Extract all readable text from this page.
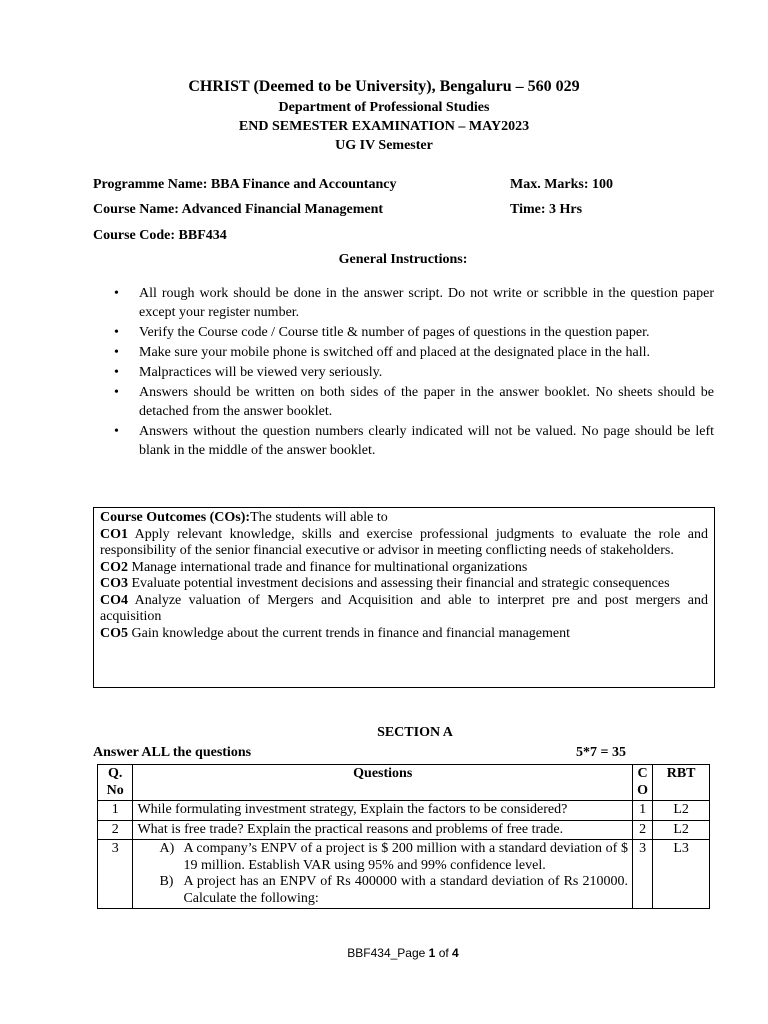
CHRIST (Deemed to be University), Bengaluru – 560 029
Department of Professional Studies
END SEMESTER EXAMINATION – MAY2023
UG IV Semester
Programme Name: BBA Finance and Accountancy	Max. Marks: 100
Course Name: Advanced Financial Management	Time: 3 Hrs
Course Code: BBF434
General Instructions:
• All rough work should be done in the answer script. Do not write or scribble in the question paper except your register number.
• Verify the Course code / Course title & number of pages of questions in the question paper.
• Make sure your mobile phone is switched off and placed at the designated place in the hall.
• Malpractices will be viewed very seriously.
• Answers should be written on both sides of the paper in the answer booklet. No sheets should be detached from the answer booklet.
• Answers without the question numbers clearly indicated will not be valued. No page should be left blank in the middle of the answer booklet.

Course Outcomes (COs):The students will able to

CO1 Apply relevant knowledge, skills and exercise professional judgments to evaluate the role and responsibility of the senior financial executive or advisor in meeting conflicting needs of stakeholders.

CO2 Manage international trade and finance for multinational organizations

CO3 Evaluate potential investment decisions and assessing their financial and strategic consequences

CO4 Analyze valuation of Mergers and Acquisition and able to interpret pre and post mergers and acquisition

CO5 Gain knowledge about the current trends in finance and financial management

SECTION A
Answer ALL the questions	5*7 = 35
Q. No	Questions	C O	RBT
1	While formulating investment strategy, Explain the factors to be considered?	1	L2
2	What is free trade? Explain the practical reasons and problems of free trade.	2	L2
3	A) A company’s ENPV of a project is $ 200 million with a standard deviation of $ 19 million. Establish VAR using 95% and 99% confidence level.
B) A project has an ENPV of Rs 400000 with a standard deviation of Rs 210000. Calculate the following:	3	L3
BBF434_Page 1 of 4
